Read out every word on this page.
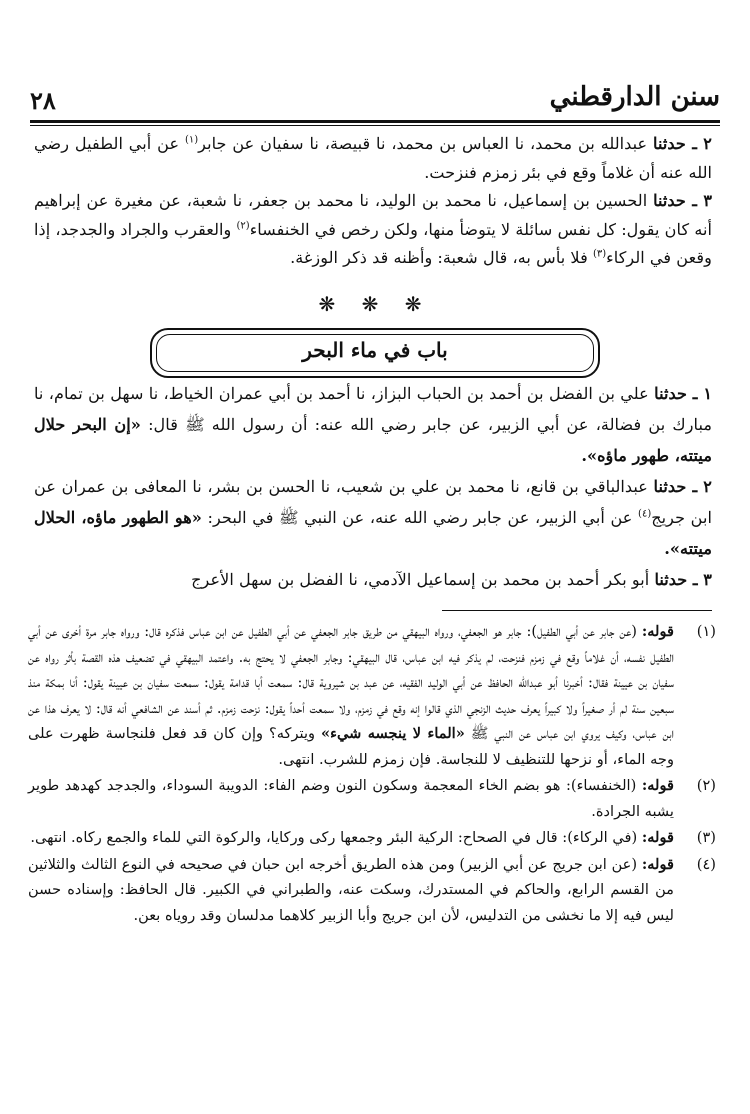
سنن الدارقطني
٢٨

٢ ـ حدثنا عبدالله بن محمد، نا العباس بن محمد، نا قبيصة، نا سفيان عن جابر$^{(١)}$ عن أبي الطفيل رضي الله عنه أن غلاماً وقع في بئر زمزم فنزحت.

٣ ـ حدثنا الحسين بن إسماعيل، نا محمد بن الوليد، نا محمد بن جعفر، نا شعبة، عن مغيرة عن إبراهيم أنه كان يقول: كل نفس سائلة لا يتوضأ منها، ولكن رخص في الخنفساء$^{(٢)}$ والعقرب والجراد والجدجد، إذا وقعن في الركاء$^{(٣)}$ فلا بأس به، قال شعبة: وأظنه قد ذكر الوزغة.

❋ ❋ ❋
باب في ماء البحر

١ ـ حدثنا علي بن الفضل بن أحمد بن الحباب البزاز، نا أحمد بن أبي عمران الخياط، نا سهل بن تمام، نا مبارك بن فضالة، عن أبي الزبير، عن جابر رضي الله عنه: أن رسول الله ﷺ قال: «إن البحر حلال ميتته، طهور ماؤه».

٢ ـ حدثنا عبدالباقي بن قانع، نا محمد بن علي بن شعيب، نا الحسن بن بشر، نا المعافى بن عمران عن ابن جريج$^{(٤)}$ عن أبي الزبير، عن جابر رضي الله عنه، عن النبي ﷺ في البحر: «هو الطهور ماؤه، الحلال ميتته».

٣ ـ حدثنا أبو بكر أحمد بن محمد بن إسماعيل الآدمي، نا الفضل بن سهل الأعرج

(١)
قوله: (عن جابر عن أبي الطفيل): جابر هو الجعفي، ورواه البيهقي من طريق جابر الجعفي عن أبي الطفيل عن ابن عباس فذكره قال: ورواه جابر مرة أخرى عن أبي الطفيل نفسه، أن غلاماً وقع في زمزم فنزحت، لم يذكر فيه ابن عباس، قال البيهقي: وجابر الجعفي لا يحتج به. واعتمد البيهقي في تضعيف هذه القصة بأثر رواه عن سفيان بن عيينة فقال: أخبرنا أبو عبدالله الحافظ عن أبي الوليد الفقيه، عن عبد بن شيروية قال: سمعت أبا قدامة يقول: سمعت سفيان بن عيينة يقول: أنا بمكة منذ سبعين سنة لم أر صغيراً ولا كبيراً يعرف حديث الزنجي الذي قالوا إنه وقع في زمزم، ولا سمعت أحداً يقول: نزحت زمزم. ثم أسند عن الشافعي أنه قال: لا يعرف هذا عن ابن عباس، وكيف يروي ابن عباس عن النبي ﷺ «الماء لا ينجسه شيء» ويتركه؟ وإن كان قد فعل فلنجاسة ظهرت على وجه الماء، أو نزحها للتنظيف لا للنجاسة. فإن زمزم للشرب. انتهى.
(٢)
قوله: (الخنفساء): هو بضم الخاء المعجمة وسكون النون وضم الفاء: الدويبة السوداء، والجدجد كهدهد طوير يشبه الجرادة.
(٣)
قوله: (في الركاء): قال في الصحاح: الركية البئر وجمعها ركى وركايا، والركوة التي للماء والجمع ركاه. انتهى.
(٤)
قوله: (عن ابن جريج عن أبي الزبير) ومن هذه الطريق أخرجه ابن حبان في صحيحه في النوع الثالث والثلاثين من القسم الرابع، والحاكم في المستدرك، وسكت عنه، والطبراني في الكبير. قال الحافظ: وإسناده حسن ليس فيه إلا ما نخشى من التدليس، لأن ابن جريج وأبا الزبير كلاهما مدلسان وقد روياه بعن.
